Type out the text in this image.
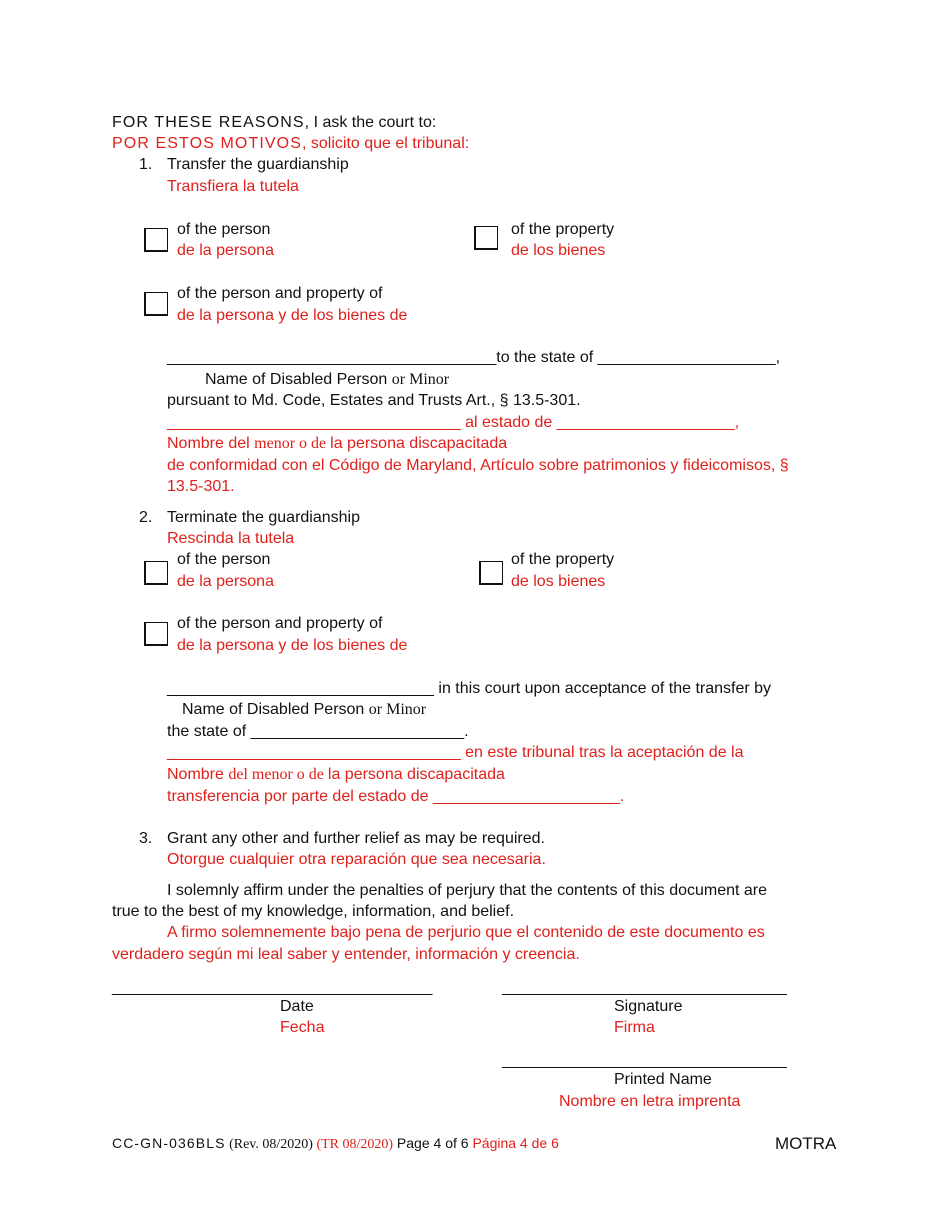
FOR THESE REASONS, I ask the court to:
POR ESTOS MOTIVOS, solicito que el tribunal:
1. Transfer the guardianship
Transfiera la tutela
of the person
de la persona
of the property
de los bienes
of the person and property of
de la persona y de los bienes de
_____________________________________to the state of ____________________,
Name of Disabled Person or Minor
pursuant to Md. Code, Estates and Trusts Art., § 13.5-301.
_________________________________ al estado de ____________________,
Nombre del menor o de la persona discapacitada
de conformidad con el Código de Maryland, Artículo sobre patrimonios y fideicomisos, §
13.5-301.
2. Terminate the guardianship
Rescinda la tutela
of the person
de la persona
of the property
de los bienes
of the person and property of
de la persona y de los bienes de
______________________________ in this court upon acceptance of the transfer by
Name of Disabled Person or Minor
the state of ________________________.
_________________________________ en este tribunal tras la aceptación de la
Nombre del menor o de la persona discapacitada
transferencia por parte del estado de _____________________.
3. Grant any other and further relief as may be required.
Otorgue cualquier otra reparación que sea necesaria.
I solemnly affirm under the penalties of perjury that the contents of this document are
true to the best of my knowledge, information, and belief.
A firmo solemnemente bajo pena de perjurio que el contenido de este documento es
verdadero según mi leal saber y entender, información y creencia.
____________________________________
Date
Fecha
________________________________
Signature
Firma
________________________________
Printed Name
Nombre en letra imprenta
CC-GN-036BLS (Rev. 08/2020) (TR 08/2020) Page 4 of 6 Página 4 de 6	MOTRA
